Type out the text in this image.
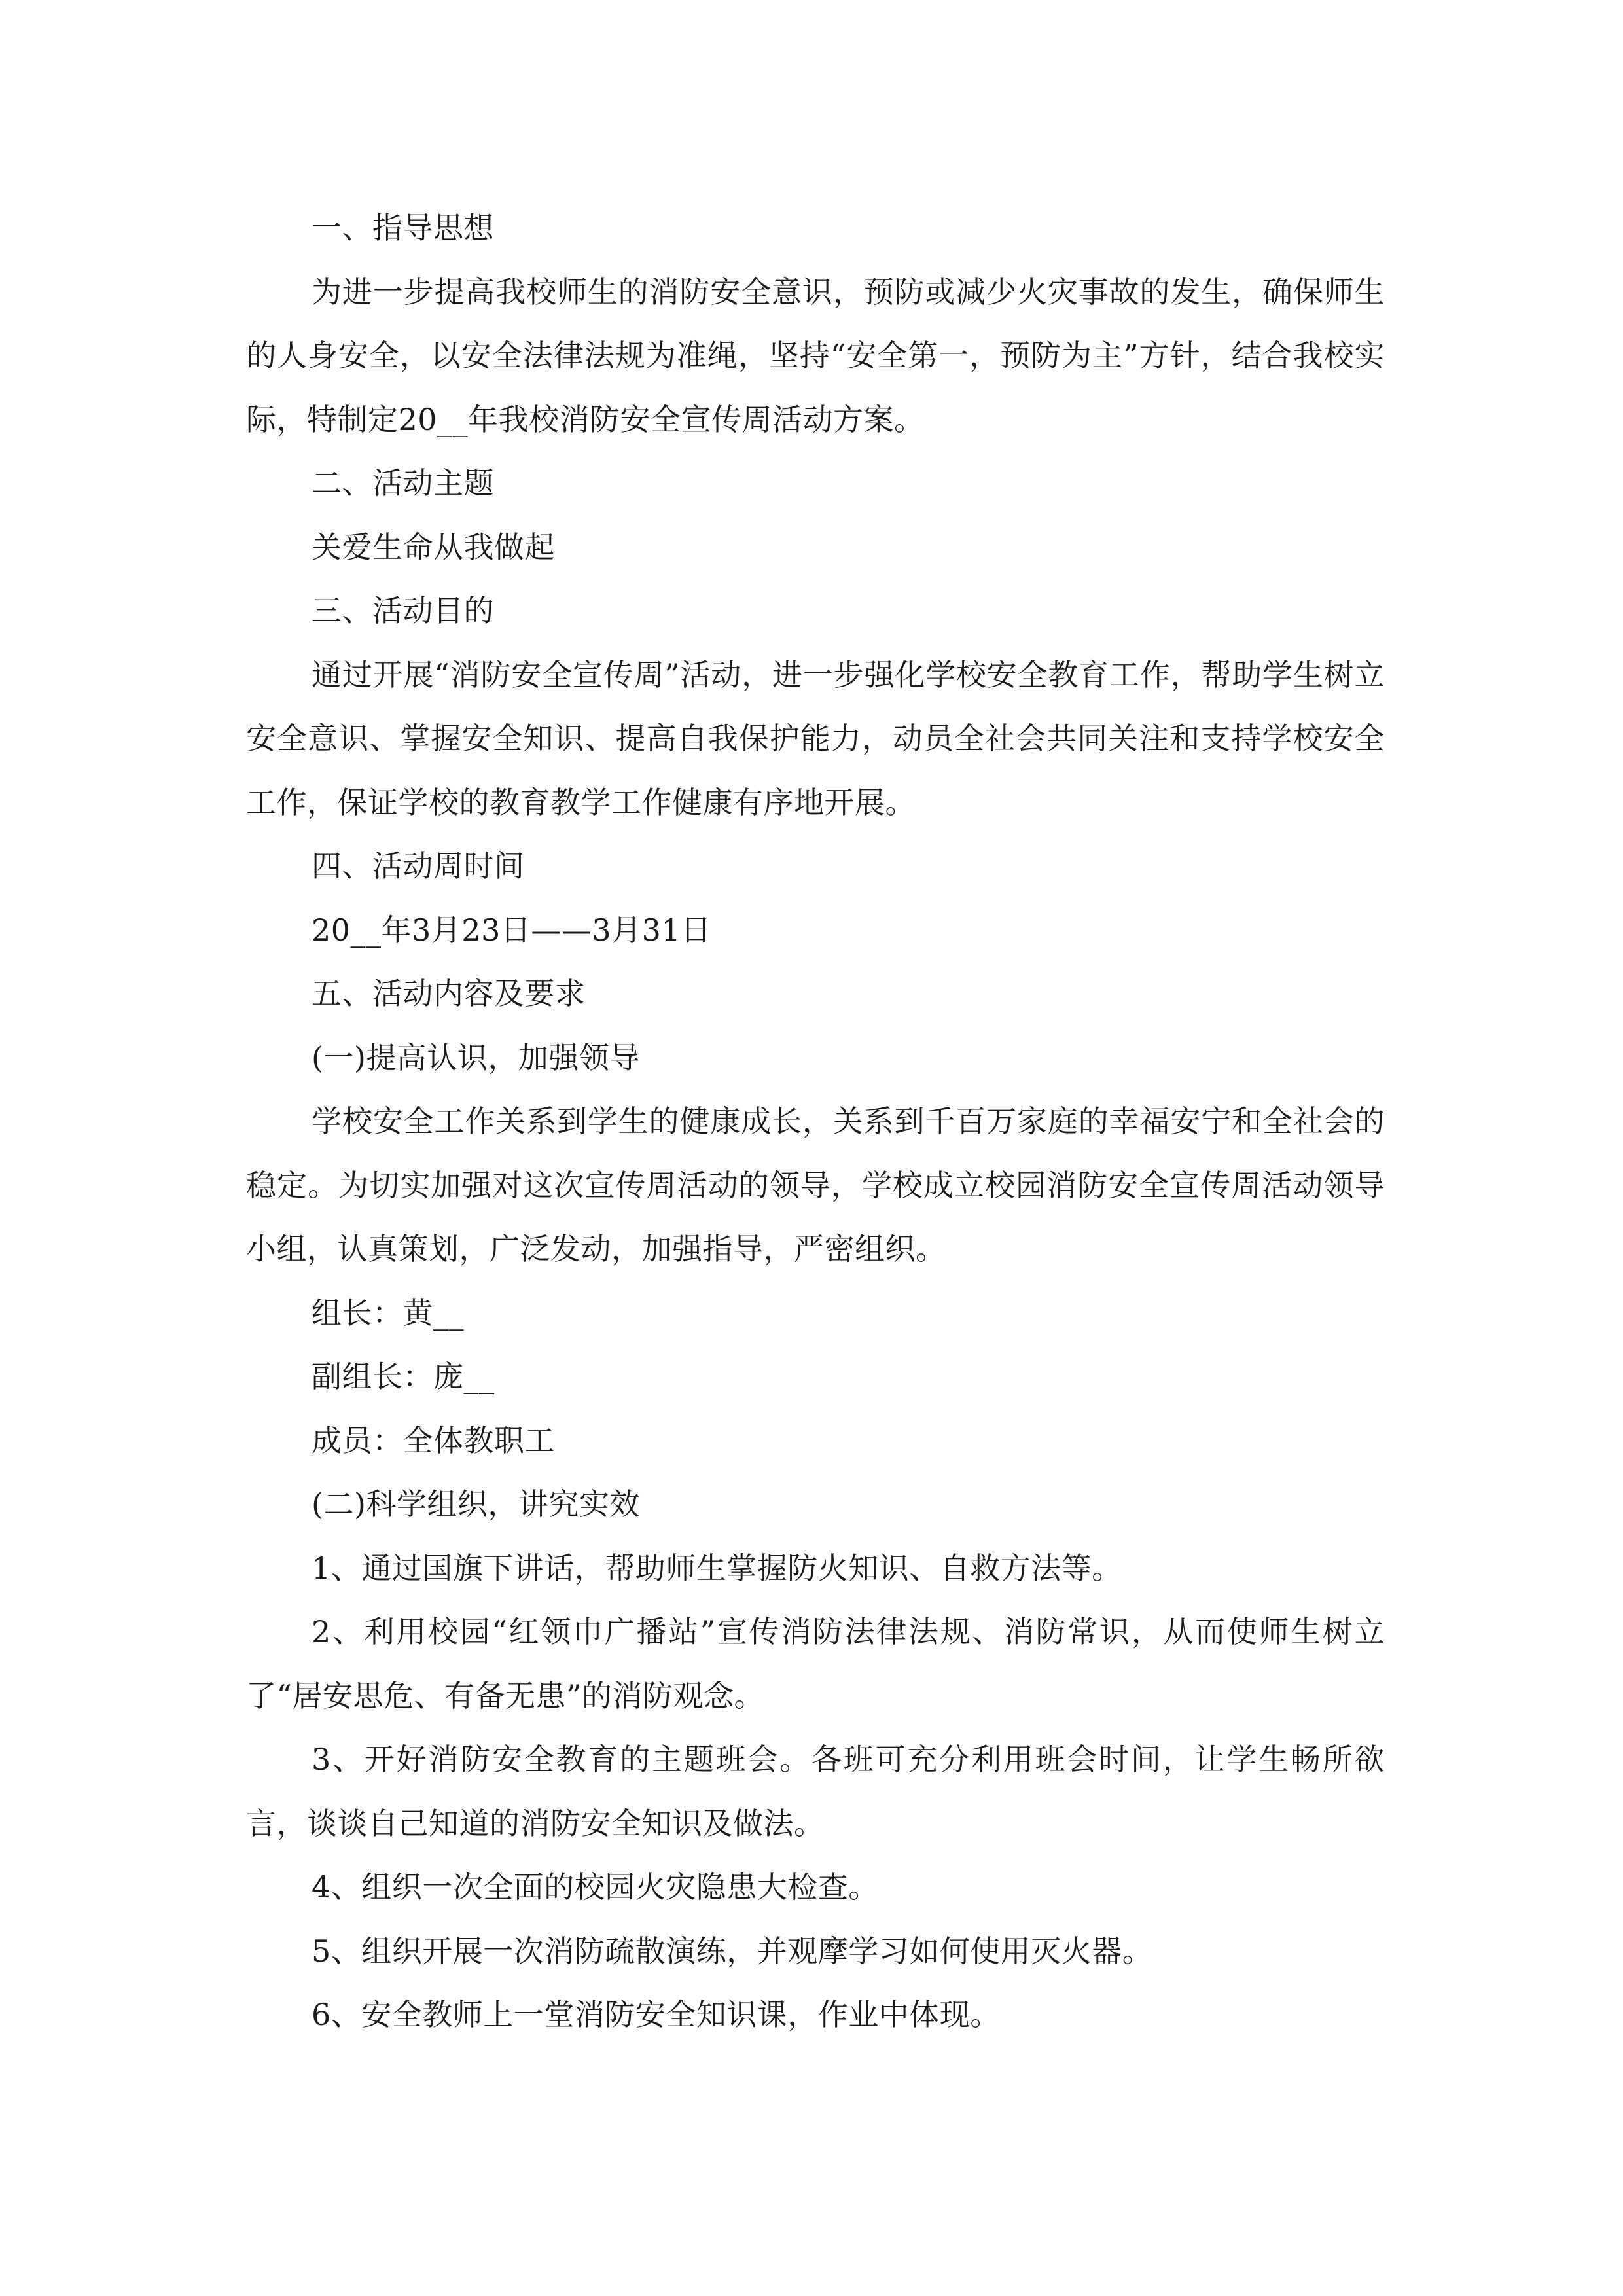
一、指导思想
为进一步提高我校师生的消防安全意识，预防或减少火灾事故的发生，确保师生的人身安全，以安全法律法规为准绳，坚持“安全第一，预防为主”方针，结合我校实际，特制定20__年我校消防安全宣传周活动方案。
二、活动主题
关爱生命从我做起
三、活动目的
通过开展“消防安全宣传周”活动，进一步强化学校安全教育工作，帮助学生树立安全意识、掌握安全知识、提高自我保护能力，动员全社会共同关注和支持学校安全工作，保证学校的教育教学工作健康有序地开展。
四、活动周时间
20__年3月23日——3月31日
五、活动内容及要求
(一)提高认识，加强领导
学校安全工作关系到学生的健康成长，关系到千百万家庭的幸福安宁和全社会的稳定。为切实加强对这次宣传周活动的领导，学校成立校园消防安全宣传周活动领导小组，认真策划，广泛发动，加强指导，严密组织。
组长：黄__
副组长：庞__
成员：全体教职工
(二)科学组织，讲究实效
1、通过国旗下讲话，帮助师生掌握防火知识、自救方法等。
2、利用校园“红领巾广播站”宣传消防法律法规、消防常识，从而使师生树立了“居安思危、有备无患”的消防观念。
3、开好消防安全教育的主题班会。各班可充分利用班会时间，让学生畅所欲言，谈谈自己知道的消防安全知识及做法。
4、组织一次全面的校园火灾隐患大检查。
5、组织开展一次消防疏散演练，并观摩学习如何使用灭火器。
6、安全教师上一堂消防安全知识课，作业中体现。
